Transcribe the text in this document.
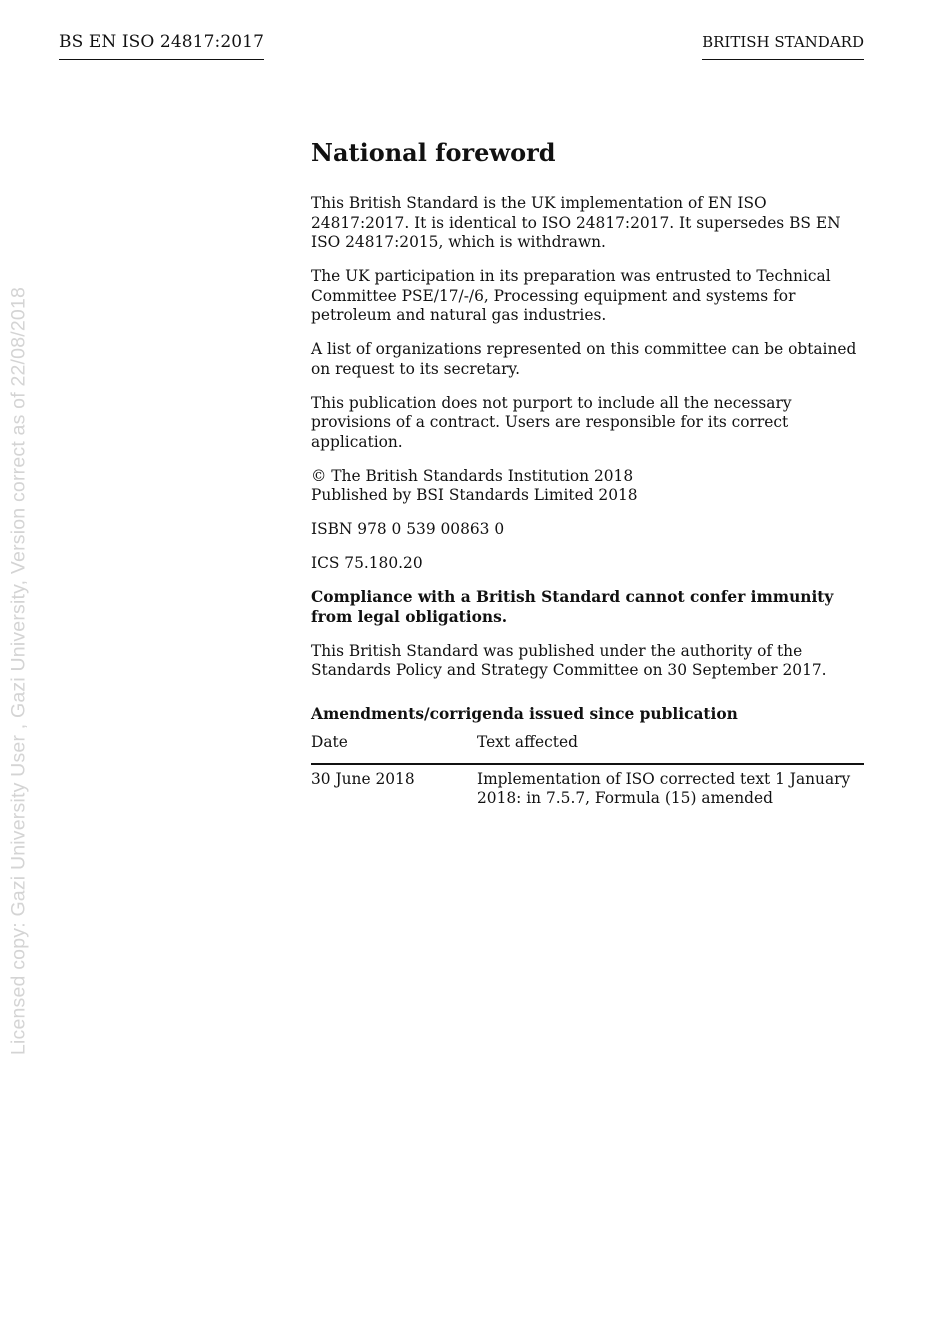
BS EN ISO 24817:2017	BRITISH STANDARD
Licensed copy: Gazi University User , Gazi University, Version correct as of 22/08/2018
National foreword

This British Standard is the UK implementation of EN ISO 24817:2017. It is identical to ISO 24817:2017. It supersedes BS EN ISO 24817:2015, which is withdrawn.

The UK participation in its preparation was entrusted to Technical Committee PSE/17/-/6, Processing equipment and systems for petroleum and natural gas industries.

A list of organizations represented on this committee can be obtained on request to its secretary.

This publication does not purport to include all the necessary provisions of a contract. Users are responsible for its correct application.

© The British Standards Institution 2018
Published by BSI Standards Limited 2018

ISBN 978 0 539 00863 0

ICS 75.180.20

Compliance with a British Standard cannot confer immunity from legal obligations.

This British Standard was published under the authority of the Standards Policy and Strategy Committee on 30 September 2017.

Amendments/corrigenda issued since publication
Date	Text affected
30 June 2018	Implementation of ISO corrected text 1 January 2018: in 7.5.7, Formula (15) amended
